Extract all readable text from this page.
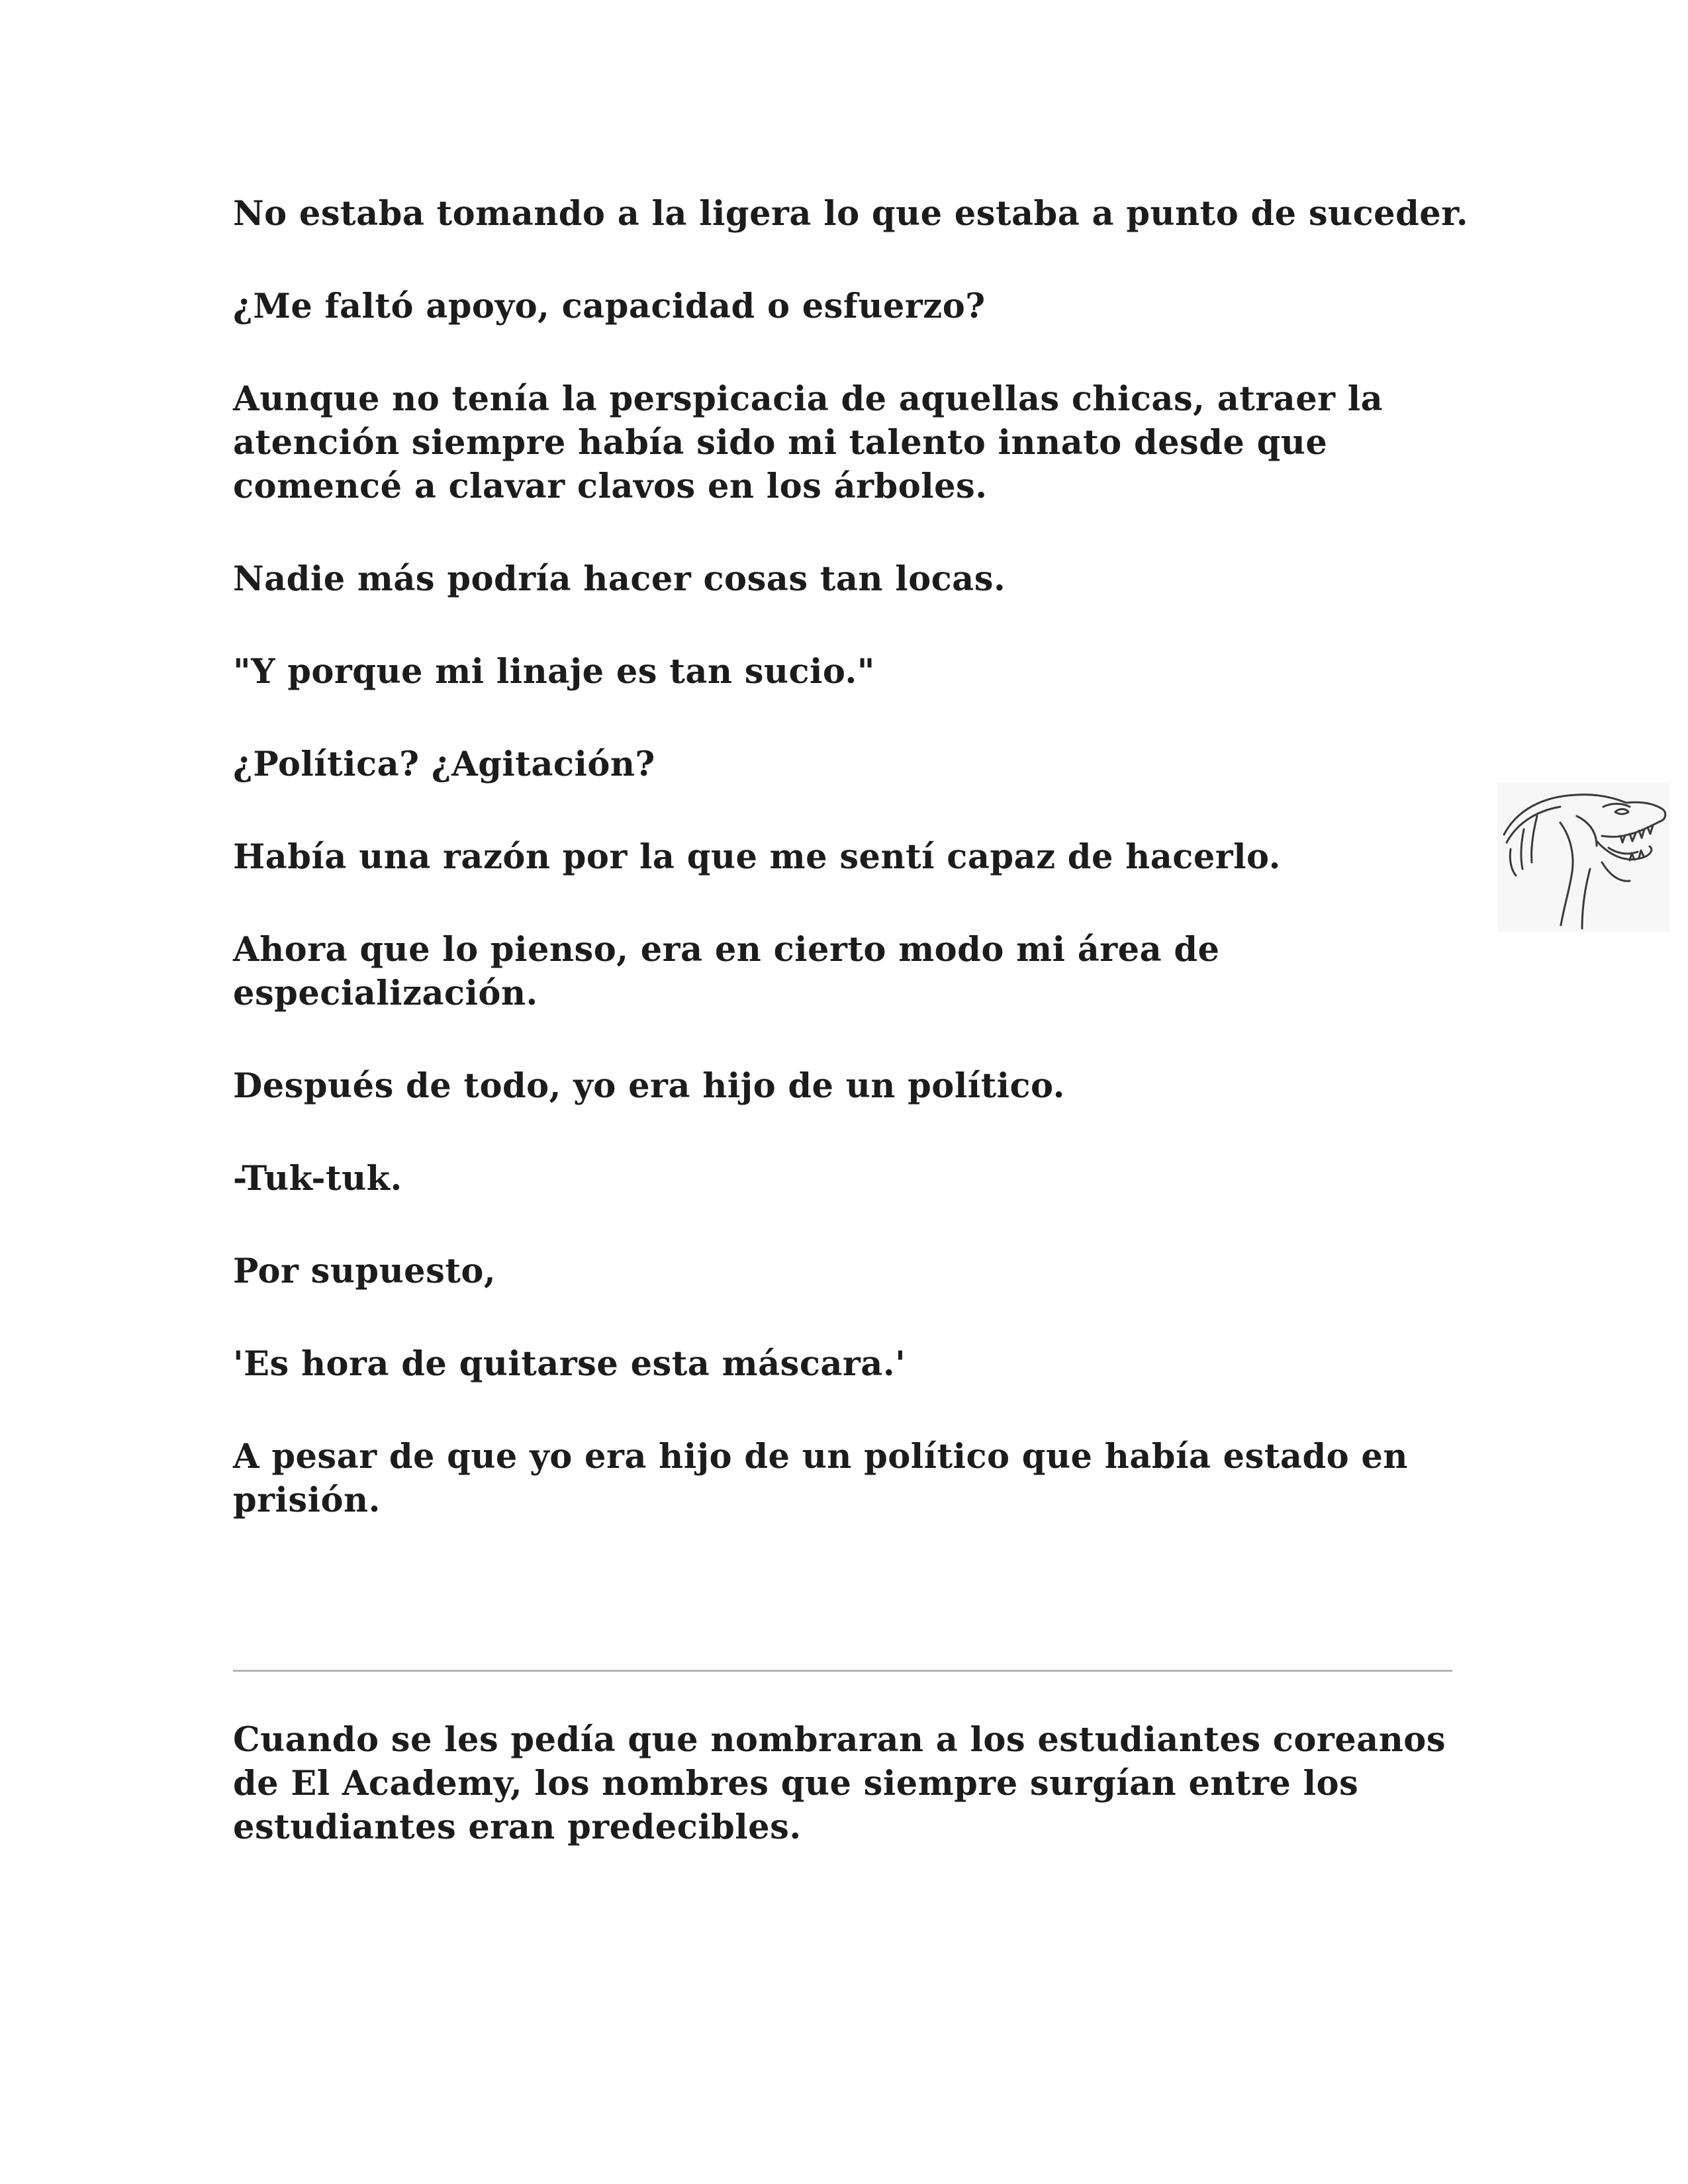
No estaba tomando a la ligera lo que estaba a punto de suceder.

¿Me faltó apoyo, capacidad o esfuerzo?

Aunque no tenía la perspicacia de aquellas chicas, atraer la atención siempre había sido mi talento innato desde que comencé a clavar clavos en los árboles.

Nadie más podría hacer cosas tan locas.

"Y porque mi linaje es tan sucio."

¿Política? ¿Agitación?

Había una razón por la que me sentí capaz de hacerlo.

Ahora que lo pienso, era en cierto modo mi área de especialización.

Después de todo, yo era hijo de un político.

-Tuk-tuk.

Por supuesto,

'Es hora de quitarse esta máscara.'

A pesar de que yo era hijo de un político que había estado en prisión.

Cuando se les pedía que nombraran a los estudiantes coreanos de El Academy, los nombres que siempre surgían entre los estudiantes eran predecibles.
